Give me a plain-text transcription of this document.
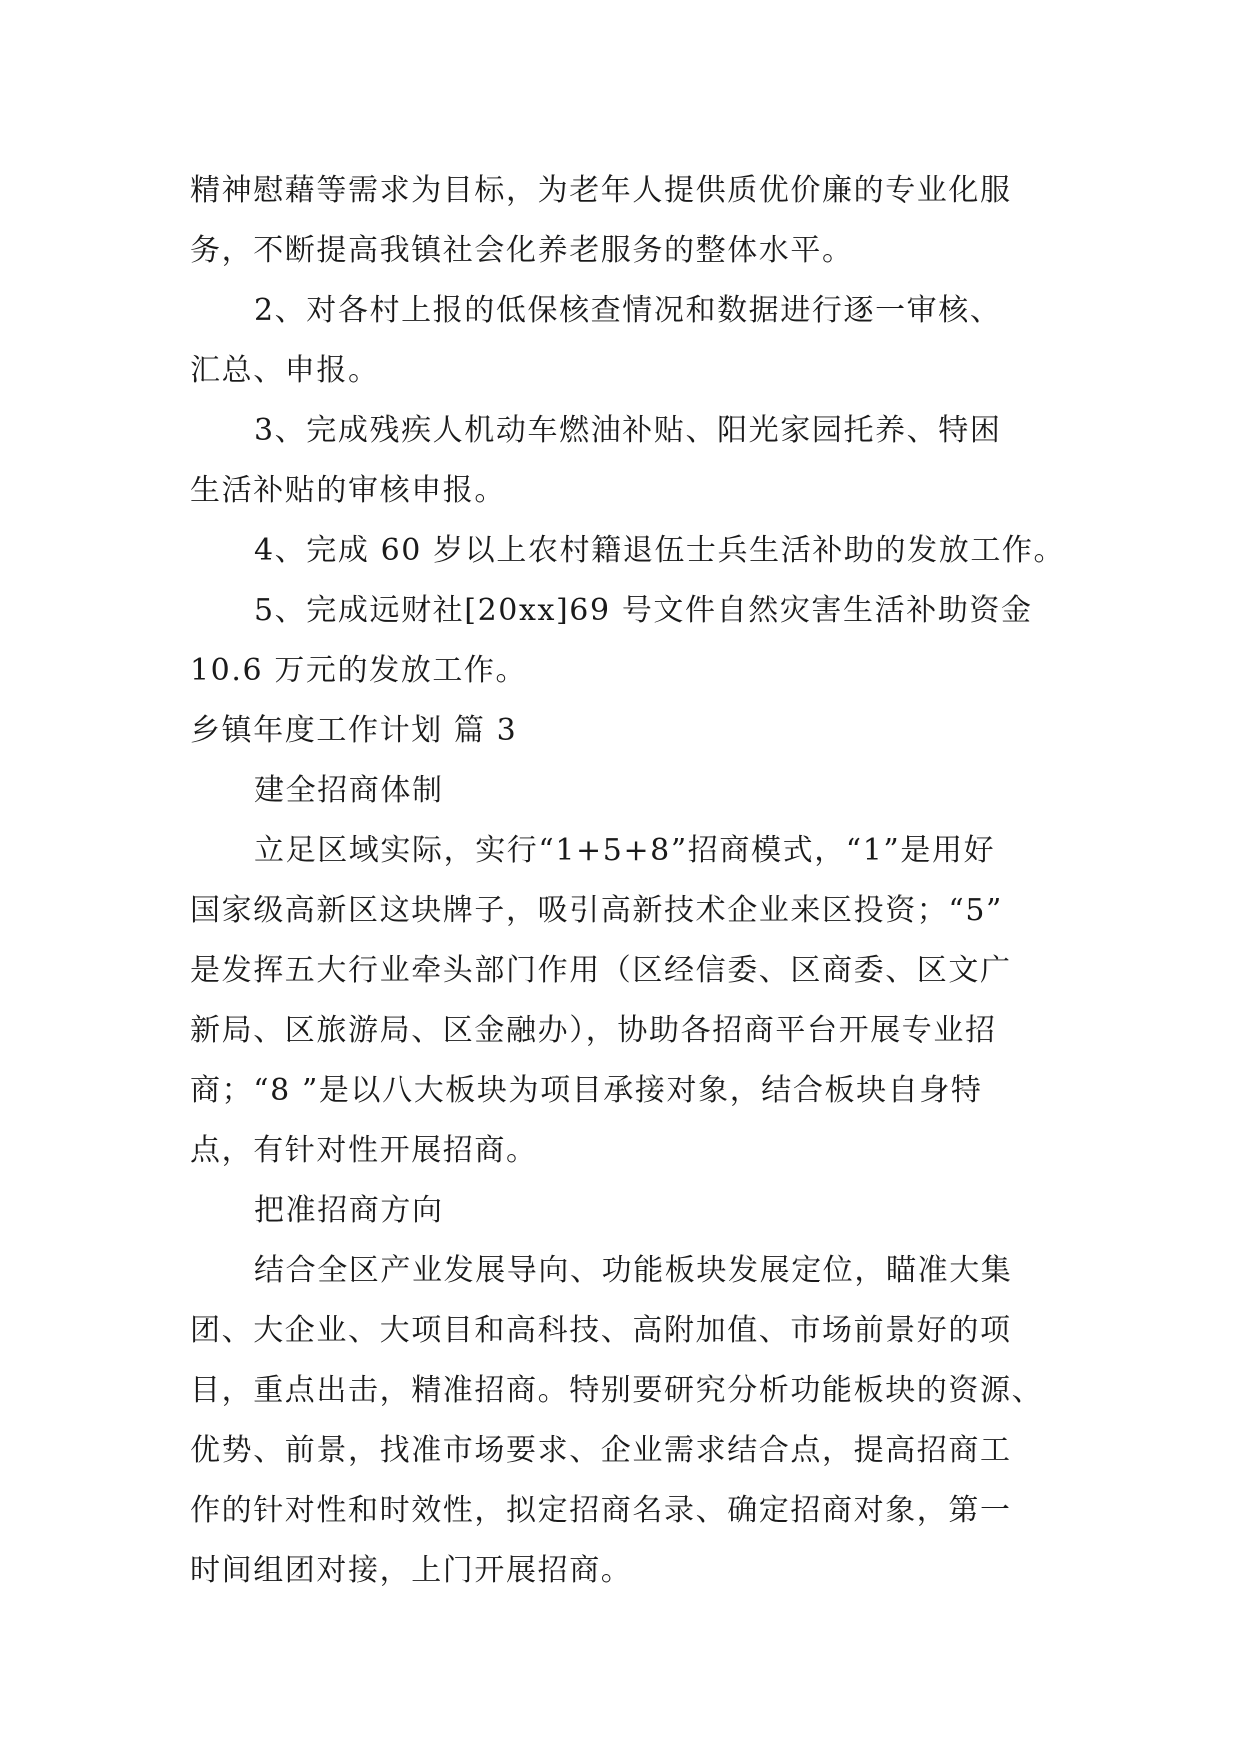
精神慰藉等需求为目标，为老年人提供质优价廉的专业化服

务，不断提高我镇社会化养老服务的整体水平。

2、对各村上报的低保核查情况和数据进行逐一审核、

汇总、申报。

3、完成残疾人机动车燃油补贴、阳光家园托养、特困

生活补贴的审核申报。

4、完成 60 岁以上农村籍退伍士兵生活补助的发放工作。

5、完成远财社[20xx]69 号文件自然灾害生活补助资金

10.6 万元的发放工作。

乡镇年度工作计划 篇 3

建全招商体制

立足区域实际，实行“1+5+8”招商模式，“1”是用好

国家级高新区这块牌子，吸引高新技术企业来区投资；“5”

是发挥五大行业牵头部门作用（区经信委、区商委、区文广

新局、区旅游局、区金融办），协助各招商平台开展专业招

商；“8 ”是以八大板块为项目承接对象，结合板块自身特

点，有针对性开展招商。

把准招商方向

结合全区产业发展导向、功能板块发展定位，瞄准大集

团、大企业、大项目和高科技、高附加值、市场前景好的项

目，重点出击，精准招商。特别要研究分析功能板块的资源、

优势、前景，找准市场要求、企业需求结合点，提高招商工

作的针对性和时效性，拟定招商名录、确定招商对象，第一

时间组团对接，上门开展招商。
